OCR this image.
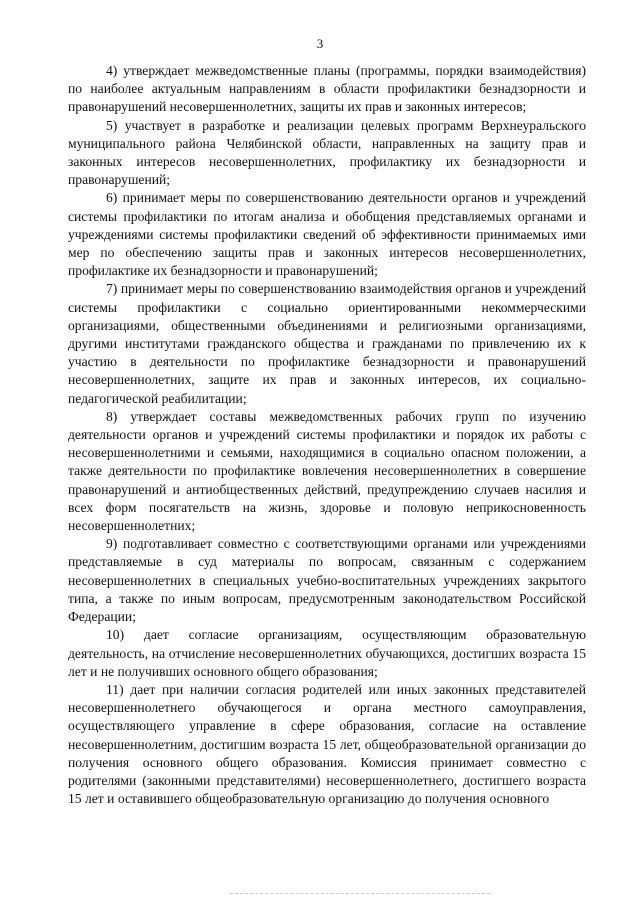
3

4) утверждает межведомственные планы (программы, порядки взаимодействия) по наиболее актуальным направлениям в области профилактики безнадзорности и правонарушений несовершеннолетних, защиты их прав и законных интересов;

5) участвует в разработке и реализации целевых программ Верхнеуральского муниципального района Челябинской области, направленных на защиту прав и законных интересов несовершеннолетних, профилактику их безнадзорности и правонарушений;

6) принимает меры по совершенствованию деятельности органов и учреждений системы профилактики по итогам анализа и обобщения представляемых органами и учреждениями системы профилактики сведений об эффективности принимаемых ими мер по обеспечению защиты прав и законных интересов несовершеннолетних, профилактике их безнадзорности и правонарушений;

7) принимает меры по совершенствованию взаимодействия органов и учреждений системы профилактики с социально ориентированными некоммерческими организациями, общественными объединениями и религиозными организациями, другими институтами гражданского общества и гражданами по привлечению их к участию в деятельности по профилактике безнадзорности и правонарушений несовершеннолетних, защите их прав и законных интересов, их социально-педагогической реабилитации;

8) утверждает составы межведомственных рабочих групп по изучению деятельности органов и учреждений системы профилактики и порядок их работы с несовершеннолетними и семьями, находящимися в социально опасном положении, а также деятельности по профилактике вовлечения несовершеннолетних в совершение правонарушений и антиобщественных действий, предупреждению случаев насилия и всех форм посягательств на жизнь, здоровье и половую неприкосновенность несовершеннолетних;

9) подготавливает совместно с соответствующими органами или учреждениями представляемые в суд материалы по вопросам, связанным с содержанием несовершеннолетних в специальных учебно-воспитательных учреждениях закрытого типа, а также по иным вопросам, предусмотренным законодательством Российской Федерации;

10) дает согласие организациям, осуществляющим образовательную деятельность, на отчисление несовершеннолетних обучающихся, достигших возраста 15 лет и не получивших основного общего образования;

11) дает при наличии согласия родителей или иных законных представителей несовершеннолетнего обучающегося и органа местного самоуправления, осуществляющего управление в сфере образования, согласие на оставление несовершеннолетним, достигшим возраста 15 лет, общеобразовательной организации до получения основного общего образования. Комиссия принимает совместно с родителями (законными представителями) несовершеннолетнего, достигшего возраста 15 лет и оставившего общеобразовательную организацию до получения основного
